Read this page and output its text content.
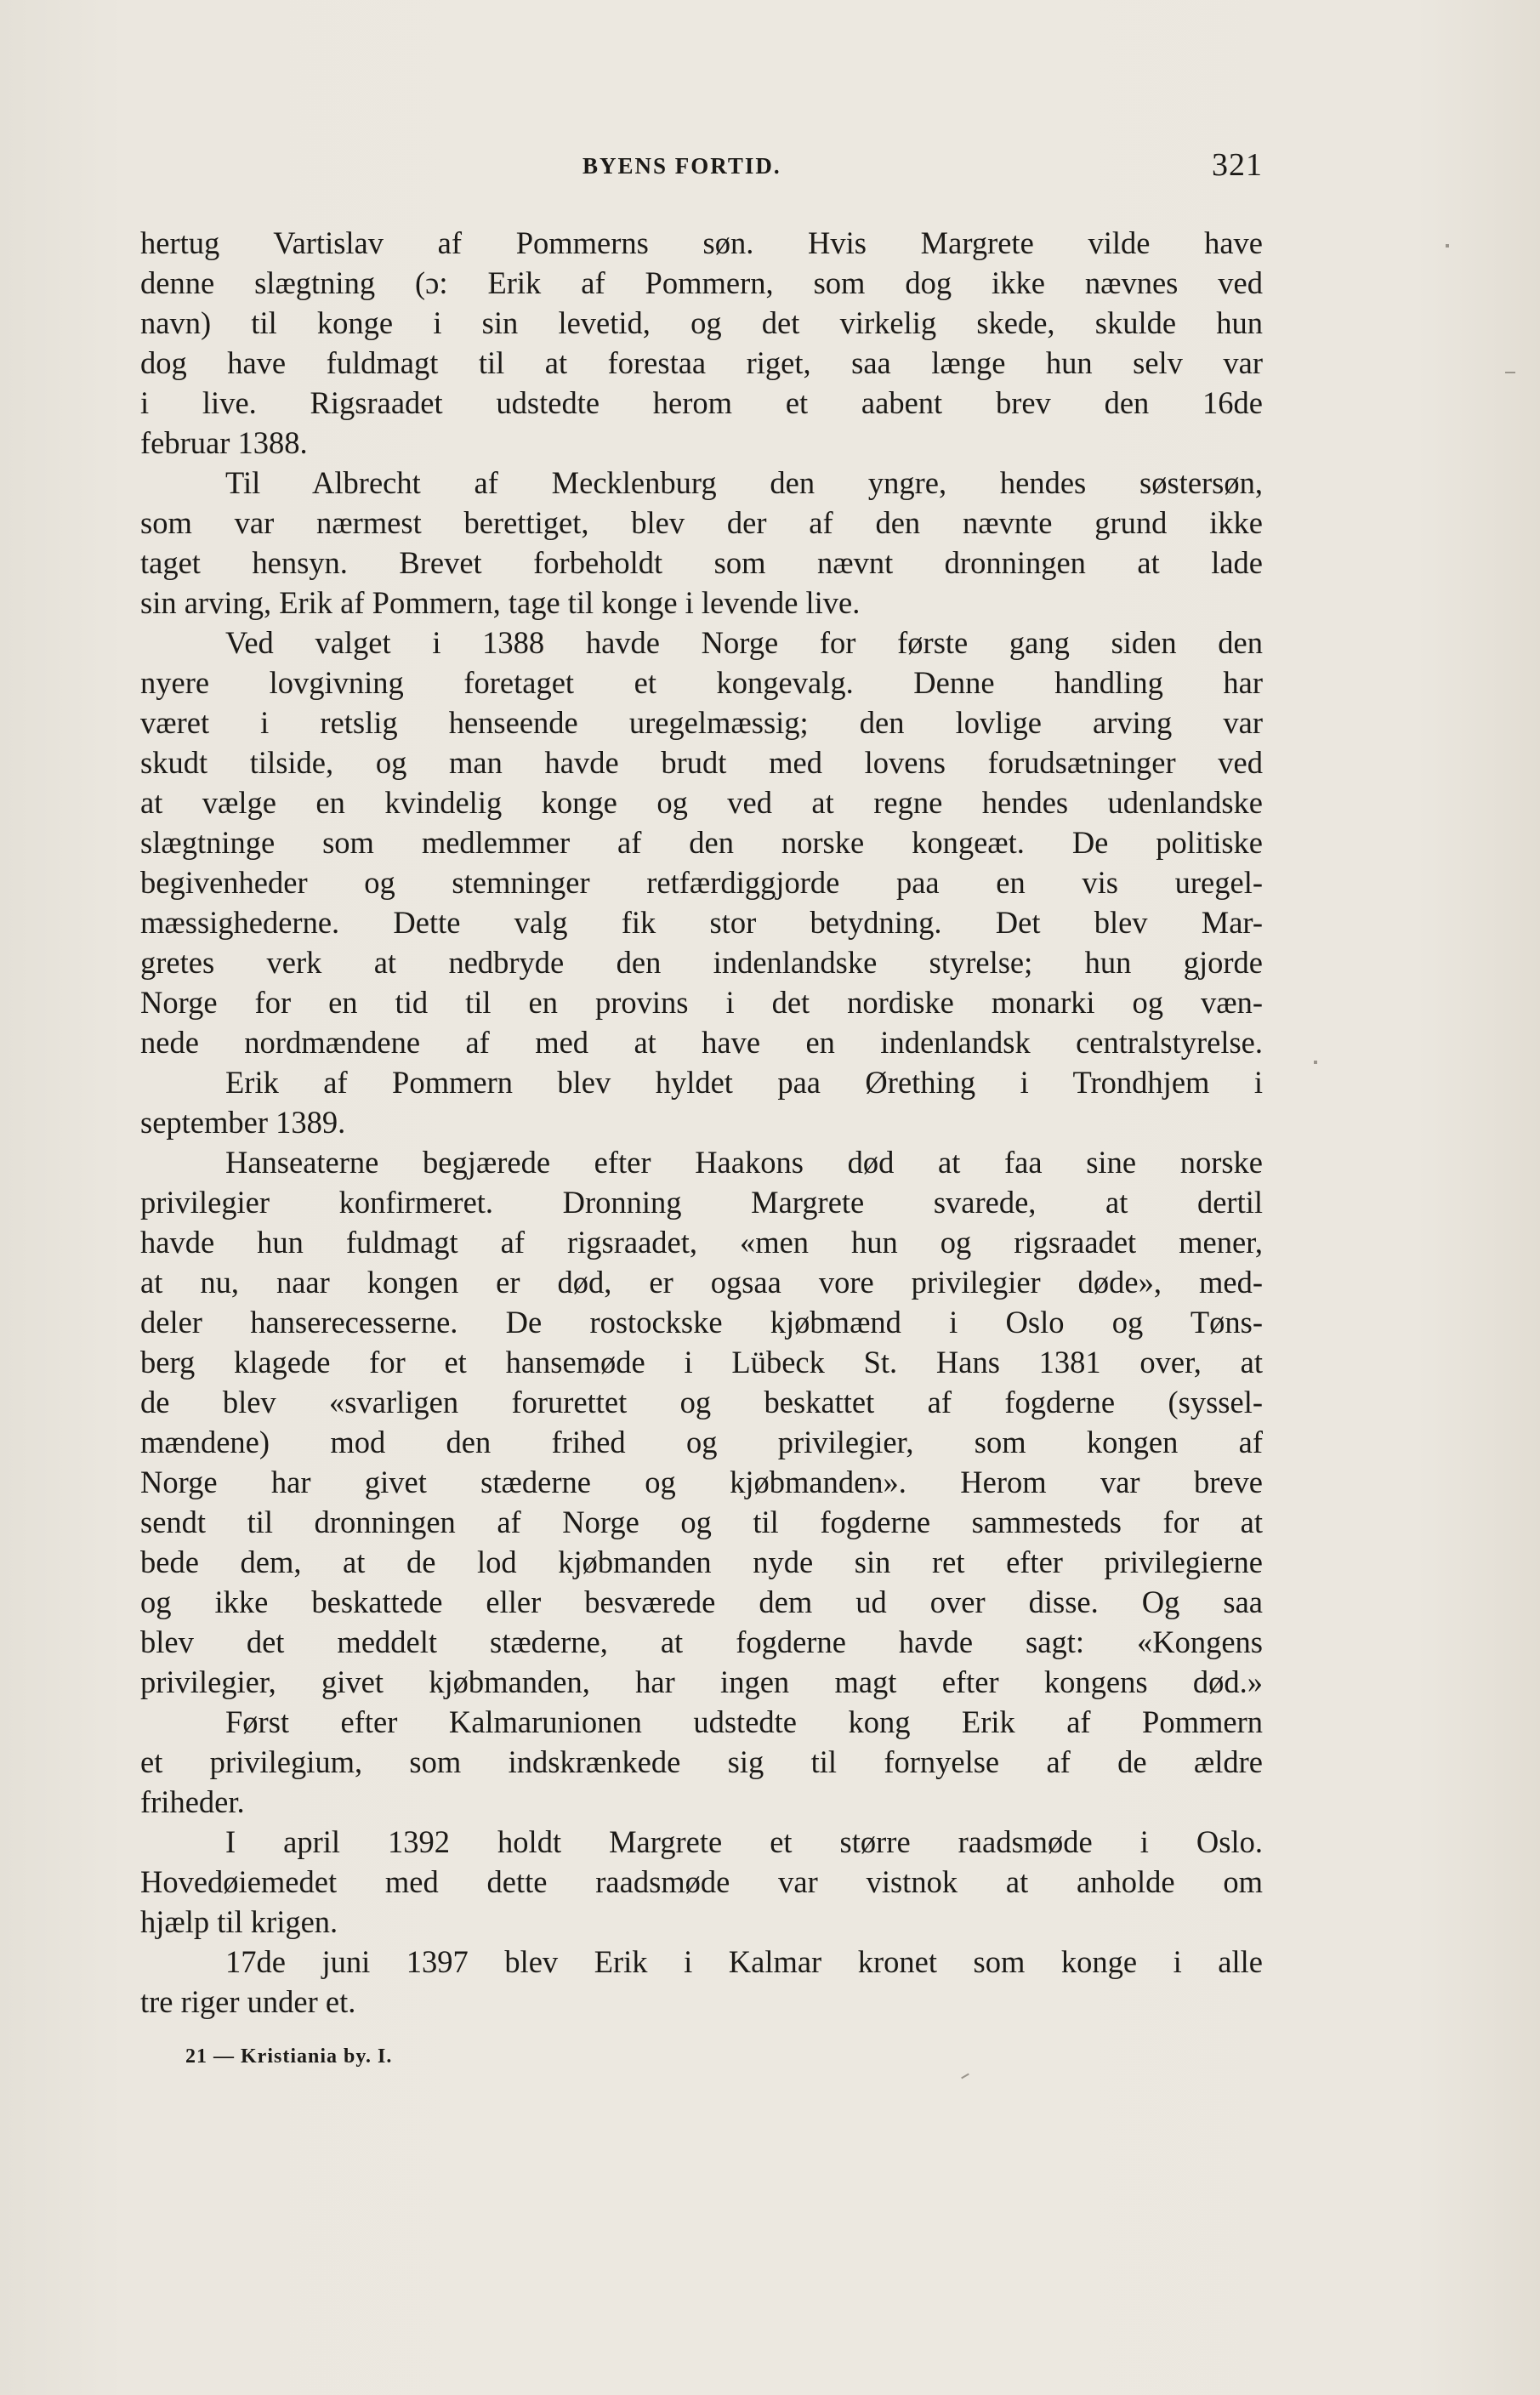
BYENS FORTID.	321
hertug Vartislav af Pommerns søn. Hvis Margrete vilde have
denne slægtning (ɔ: Erik af Pommern, som dog ikke nævnes ved
navn) til konge i sin levetid, og det virkelig skede, skulde hun
dog have fuldmagt til at forestaa riget, saa længe hun selv var
i live. Rigsraadet udstedte herom et aabent brev den 16de
februar 1388.
Til Albrecht af Mecklenburg den yngre, hendes søstersøn,
som var nærmest berettiget, blev der af den nævnte grund ikke
taget hensyn. Brevet forbeholdt som nævnt dronningen at lade
sin arving, Erik af Pommern, tage til konge i levende live.
Ved valget i 1388 havde Norge for første gang siden den
nyere lovgivning foretaget et kongevalg. Denne handling har
været i retslig henseende uregelmæssig; den lovlige arving var
skudt tilside, og man havde brudt med lovens forudsætninger ved
at vælge en kvindelig konge og ved at regne hendes udenlandske
slægtninge som medlemmer af den norske kongeæt. De politiske
begivenheder og stemninger retfærdiggjorde paa en vis uregel-
mæssighederne. Dette valg fik stor betydning. Det blev Mar-
gretes verk at nedbryde den indenlandske styrelse; hun gjorde
Norge for en tid til en provins i det nordiske monarki og væn-
nede nordmændene af med at have en indenlandsk centralstyrelse.
Erik af Pommern blev hyldet paa Ørething i Trondhjem i
september 1389.
Hanseaterne begjærede efter Haakons død at faa sine norske
privilegier konfirmeret. Dronning Margrete svarede, at dertil
havde hun fuldmagt af rigsraadet, «men hun og rigsraadet mener,
at nu, naar kongen er død, er ogsaa vore privilegier døde», med-
deler hanserecesserne. De rostockske kjøbmænd i Oslo og Tøns-
berg klagede for et hansemøde i Lübeck St. Hans 1381 over, at
de blev «svarligen forurettet og beskattet af fogderne (syssel-
mændene) mod den frihed og privilegier, som kongen af
Norge har givet stæderne og kjøbmanden». Herom var breve
sendt til dronningen af Norge og til fogderne sammesteds for at
bede dem, at de lod kjøbmanden nyde sin ret efter privilegierne
og ikke beskattede eller besværede dem ud over disse. Og saa
blev det meddelt stæderne, at fogderne havde sagt: «Kongens
privilegier, givet kjøbmanden, har ingen magt efter kongens død.»
Først efter Kalmarunionen udstedte kong Erik af Pommern
et privilegium, som indskrænkede sig til fornyelse af de ældre
friheder.
I april 1392 holdt Margrete et større raadsmøde i Oslo.
Hovedøiemedet med dette raadsmøde var vistnok at anholde om
hjælp til krigen.
17de juni 1397 blev Erik i Kalmar kronet som konge i alle
tre riger under et.
21 — Kristiania by. I.
